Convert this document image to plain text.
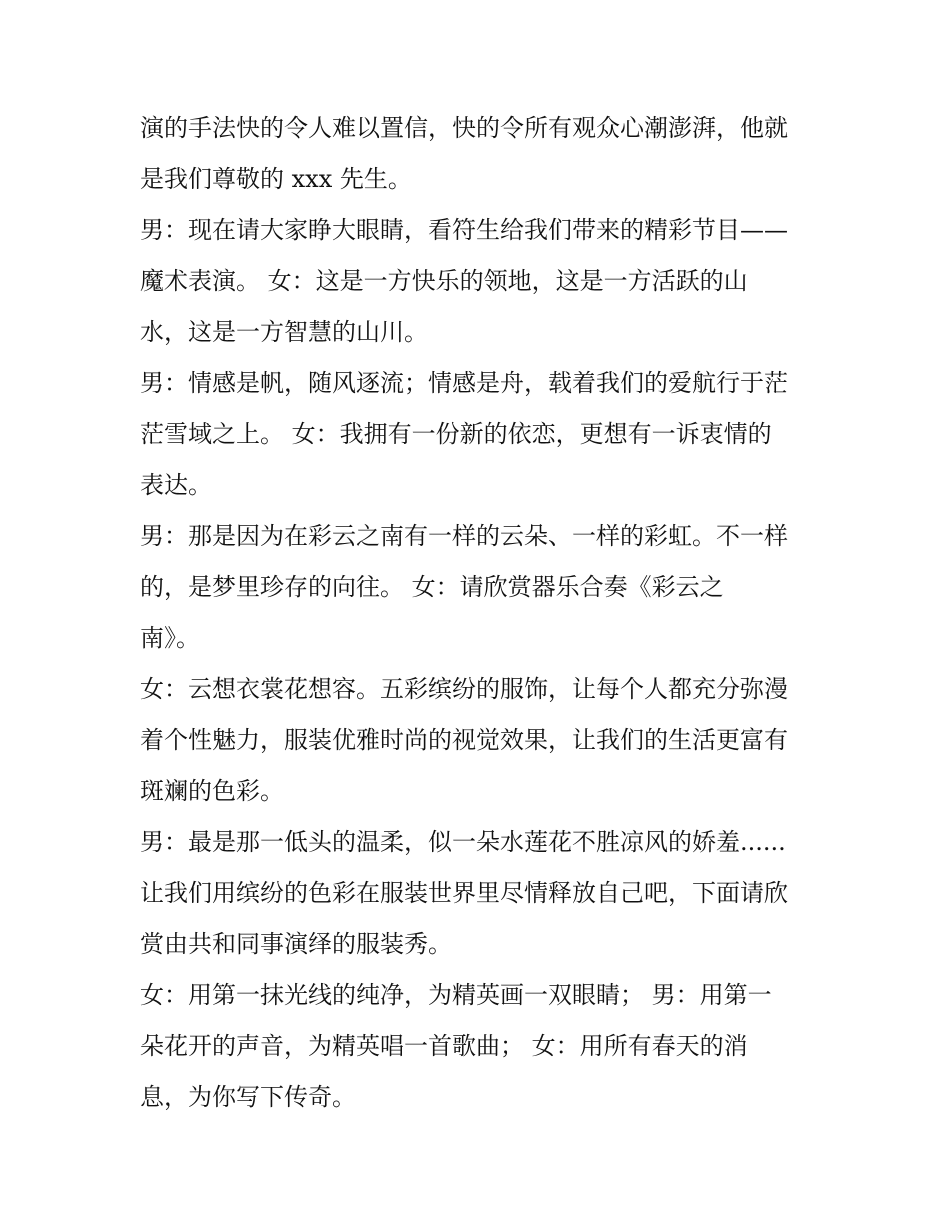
演的手法快的令人难以置信，快的令所有观众心潮澎湃，他就
是我们尊敬的 xxx 先生。
男：现在请大家睁大眼睛，看符生给我们带来的精彩节目——
魔术表演。 女：这是一方快乐的领地，这是一方活跃的山
水，这是一方智慧的山川。
男：情感是帆，随风逐流；情感是舟，载着我们的爱航行于茫
茫雪域之上。 女：我拥有一份新的依恋，更想有一诉衷情的
表达。
男：那是因为在彩云之南有一样的云朵、一样的彩虹。不一样
的，是梦里珍存的向往。 女：请欣赏器乐合奏《彩云之
南》。
女：云想衣裳花想容。五彩缤纷的服饰，让每个人都充分弥漫
着个性魅力，服装优雅时尚的视觉效果，让我们的生活更富有
斑斓的色彩。
男：最是那一低头的温柔，似一朵水莲花不胜凉风的娇羞......
让我们用缤纷的色彩在服装世界里尽情释放自己吧，下面请欣
赏由共和同事演绎的服装秀。
女：用第一抹光线的纯净，为精英画一双眼睛； 男：用第一
朵花开的声音，为精英唱一首歌曲； 女：用所有春天的消
息，为你写下传奇。
